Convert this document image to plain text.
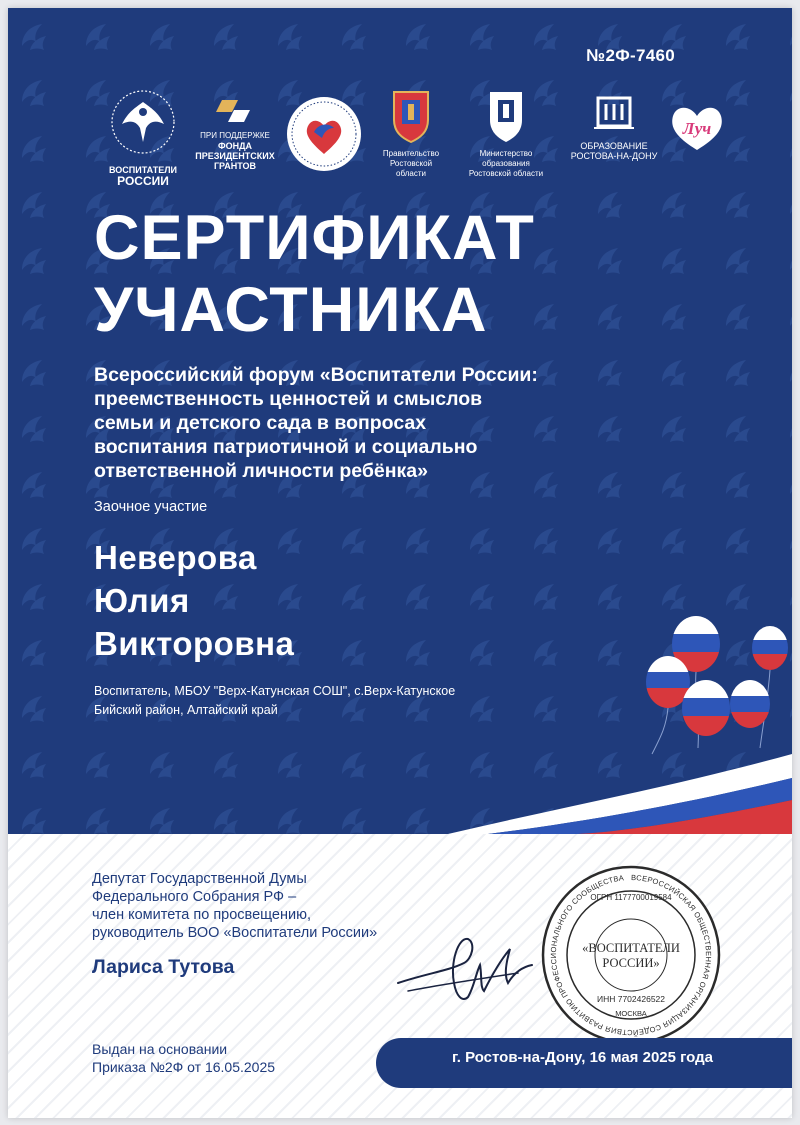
№2Ф-7460
ВОСПИТАТЕЛИ
РОССИИ
ПРИ ПОДДЕРЖКЕ
ФОНДА
ПРЕЗИДЕНТСКИХ
ГРАНТОВ
Правительство
Ростовской
области
Министерство
образования
Ростовской области
ОБРАЗОВАНИЕ
РОСТОВА-НА-ДОНУ
Луч
СЕРТИФИКАТ
УЧАСТНИКА
Всероссийский форум «Воспитатели России:
преемственность ценностей и смыслов
семьи и детского сада в вопросах
воспитания патриотичной и социально
ответственной личности ребёнка»
Заочное участие
Неверова
Юлия
Викторовна
Воспитатель, МБОУ "Верх-Катунская СОШ", с.Верх-Катунское
Бийский район, Алтайский край
Депутат Государственной Думы
Федерального Собрания РФ –
член комитета по просвещению,
руководитель ВОО «Воспитатели России»
Лариса Тутова
ВСЕРОССИЙСКАЯ ОБЩЕСТВЕННАЯ ОРГАНИЗАЦИЯ СОДЕЙСТВИЯ РАЗВИТИЮ ПРОФЕССИОНАЛЬНОГО СООБЩЕСТВА
ОГРН 1177700019584
«ВОСПИТАТЕЛИ
РОССИИ»
ИНН 7702426522
МОСКВА
Выдан на основании
Приказа №2Ф от 16.05.2025
г. Ростов-на-Дону, 16 мая 2025 года
